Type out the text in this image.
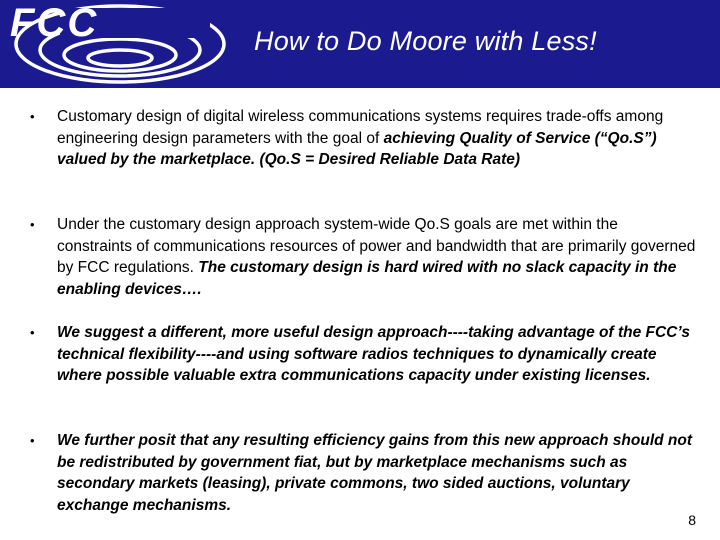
FCC	How to Do Moore with Less!
• Customary design of digital wireless communications systems requires trade-offs among engineering design parameters with the goal of achieving Quality of Service (“Qo.S”) valued by the marketplace. (Qo.S = Desired Reliable Data Rate)
• Under the customary design approach system-wide Qo.S goals are met within the constraints of communications resources of power and bandwidth that are primarily governed by FCC regulations. The customary design is hard wired with no slack capacity in the enabling devices….
• We suggest a different, more useful design approach----taking advantage of the FCC’s technical flexibility----and using software radios techniques to dynamically create where possible valuable extra communications capacity under existing licenses.
• We further posit that any resulting efficiency gains from this new approach should not be redistributed by government fiat, but by marketplace mechanisms such as secondary markets (leasing), private commons, two sided auctions, voluntary exchange mechanisms.
8
